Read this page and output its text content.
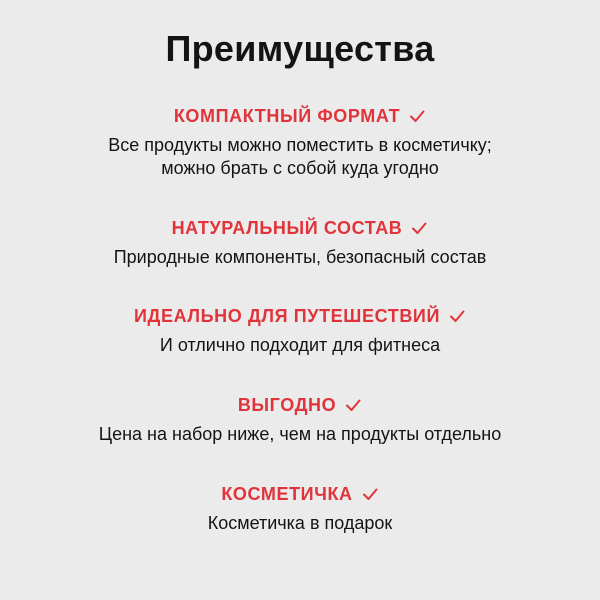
Преимущества
КОМПАКТНЫЙ ФОРМАТ
Все продукты можно поместить в косметичку;
можно брать с собой куда угодно
НАТУРАЛЬНЫЙ СОСТАВ
Природные компоненты, безопасный состав
ИДЕАЛЬНО ДЛЯ ПУТЕШЕСТВИЙ
И отлично подходит для фитнеса
ВЫГОДНО
Цена на набор ниже, чем на продукты отдельно
КОСМЕТИЧКА
Косметичка в подарок
